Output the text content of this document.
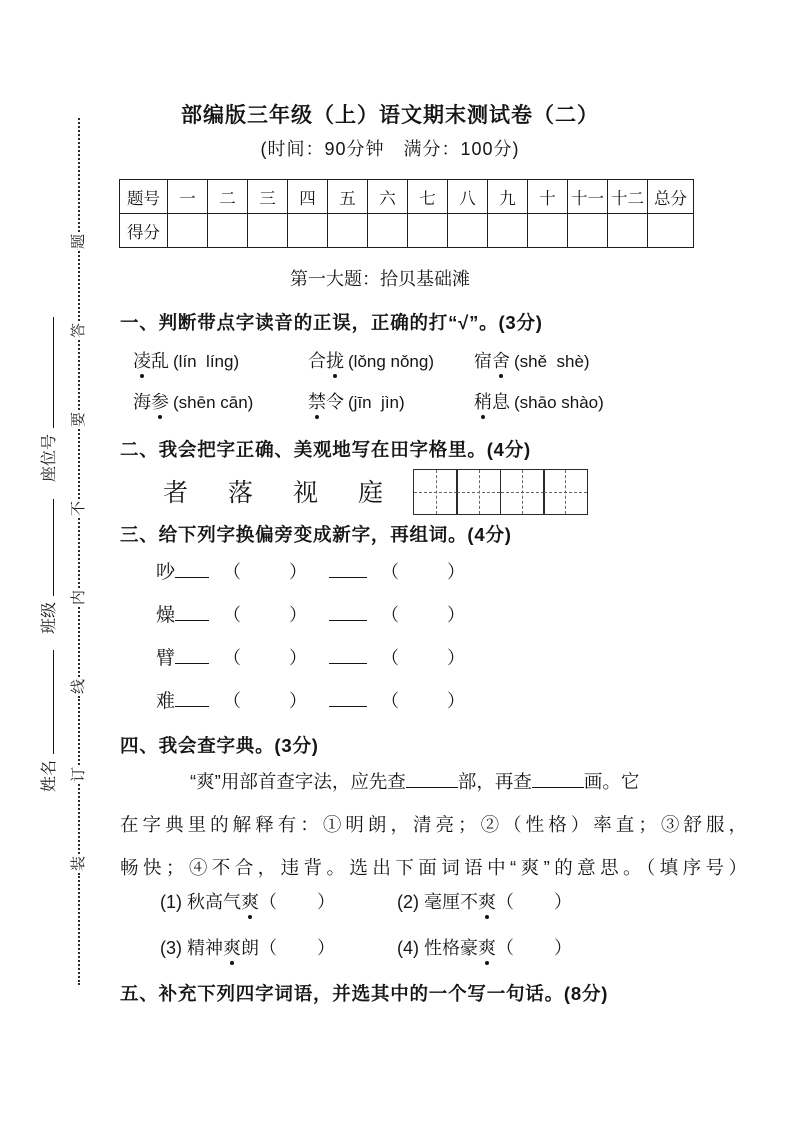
题
答
要
不
内
线
订
装
座位号
班级
姓名
部编版三年级（上）语文期末测试卷（二）
(时间：90分钟　满分：100分)
题号	一	二	三	四	五	六	七	八	九	十	十一	十二	总分
得分													
第一大题：拾贝基础滩
一、判断带点字读音的正误，正确的打“√”。(3分)
凌乱 (lín  líng)	合拢 (lǒng nǒng)	宿舍 (shě  shè)
海参 (shēn cān)	禁令 (jīn  jìn)	稍息 (shāo shào)
二、我会把字正确、美观地写在田字格里。(4分)
者 落 视 庭
三、给下列字换偏旁变成新字，再组词。(4分)
吵	（	）	（	）
燥	（	）	（	）
臂	（	）	（	）
难	（	）	（	）
四、我会查字典。(3分)
“爽”用部首查字法，应先查	部，再查	画。它
在字典里的解释有：①明朗，清亮；②（性格）率直；③舒服，
畅快；④不合，违背。选出下面词语中“爽”的意思。（填序号）
(1) 秋高气爽（ ）	(2) 毫厘不爽（ ）
(3) 精神爽朗（ ）	(4) 性格豪爽（ ）
五、补充下列四字词语，并选其中的一个写一句话。(8分)
